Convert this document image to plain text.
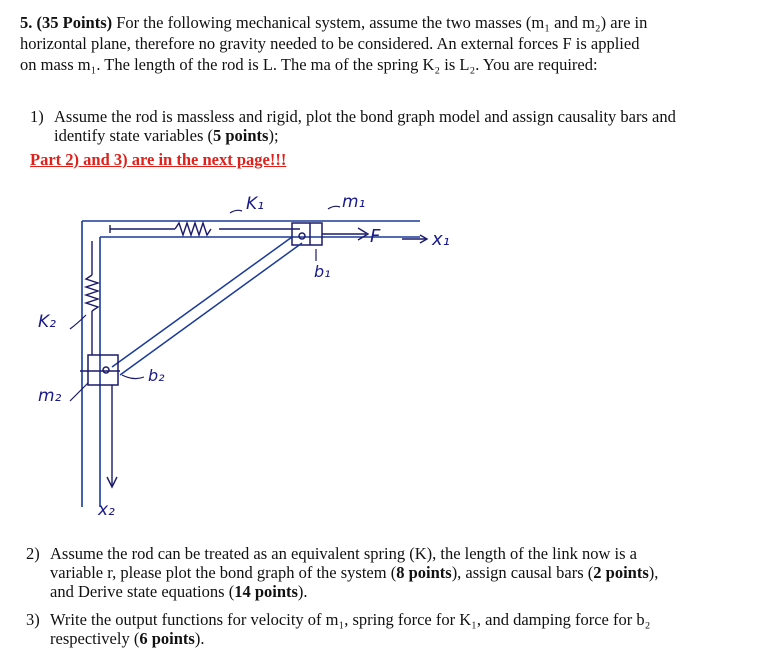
5. (35 Points) For the following mechanical system, assume the two masses (m₁ and m₂) are in
horizontal plane, therefore no gravity needed to be considered. An external forces F is applied
on mass m₁. The length of the rod is L. The ma of the spring K₂ is L₂. You are required:
1) Assume the rod is massless and rigid, plot the bond graph model and assign causality bars and
identify state variables (5 points);
Part 2) and 3) are in the next page!!!
K₁	m₁
F	x₁
b₁
K₂
b₂
m₂
x₂
2) Assume the rod can be treated as an equivalent spring (K), the length of the link now is a
variable r, please plot the bond graph of the system (8 points), assign causal bars (2 points),
and Derive state equations (14 points).
3) Write the output functions for velocity of m₁, spring force for K₁, and damping force for b₂
respectively (6 points).
